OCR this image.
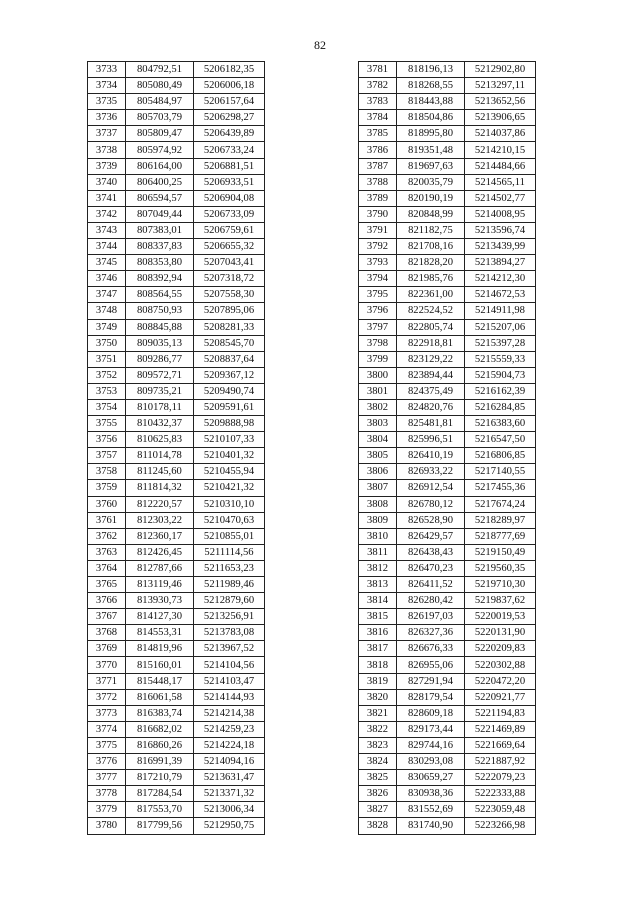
82
3733	804792,51	5206182,35
3734	805080,49	5206006,18
3735	805484,97	5206157,64
3736	805703,79	5206298,27
3737	805809,47	5206439,89
3738	805974,92	5206733,24
3739	806164,00	5206881,51
3740	806400,25	5206933,51
3741	806594,57	5206904,08
3742	807049,44	5206733,09
3743	807383,01	5206759,61
3744	808337,83	5206655,32
3745	808353,80	5207043,41
3746	808392,94	5207318,72
3747	808564,55	5207558,30
3748	808750,93	5207895,06
3749	808845,88	5208281,33
3750	809035,13	5208545,70
3751	809286,77	5208837,64
3752	809572,71	5209367,12
3753	809735,21	5209490,74
3754	810178,11	5209591,61
3755	810432,37	5209888,98
3756	810625,83	5210107,33
3757	811014,78	5210401,32
3758	811245,60	5210455,94
3759	811814,32	5210421,32
3760	812220,57	5210310,10
3761	812303,22	5210470,63
3762	812360,17	5210855,01
3763	812426,45	5211114,56
3764	812787,66	5211653,23
3765	813119,46	5211989,46
3766	813930,73	5212879,60
3767	814127,30	5213256,91
3768	814553,31	5213783,08
3769	814819,96	5213967,52
3770	815160,01	5214104,56
3771	815448,17	5214103,47
3772	816061,58	5214144,93
3773	816383,74	5214214,38
3774	816682,02	5214259,23
3775	816860,26	5214224,18
3776	816991,39	5214094,16
3777	817210,79	5213631,47
3778	817284,54	5213371,32
3779	817553,70	5213006,34
3780	817799,56	5212950,75
3781	818196,13	5212902,80
3782	818268,55	5213297,11
3783	818443,88	5213652,56
3784	818504,86	5213906,65
3785	818995,80	5214037,86
3786	819351,48	5214210,15
3787	819697,63	5214484,66
3788	820035,79	5214565,11
3789	820190,19	5214502,77
3790	820848,99	5214008,95
3791	821182,75	5213596,74
3792	821708,16	5213439,99
3793	821828,20	5213894,27
3794	821985,76	5214212,30
3795	822361,00	5214672,53
3796	822524,52	5214911,98
3797	822805,74	5215207,06
3798	822918,81	5215397,28
3799	823129,22	5215559,33
3800	823894,44	5215904,73
3801	824375,49	5216162,39
3802	824820,76	5216284,85
3803	825481,81	5216383,60
3804	825996,51	5216547,50
3805	826410,19	5216806,85
3806	826933,22	5217140,55
3807	826912,54	5217455,36
3808	826780,12	5217674,24
3809	826528,90	5218289,97
3810	826429,57	5218777,69
3811	826438,43	5219150,49
3812	826470,23	5219560,35
3813	826411,52	5219710,30
3814	826280,42	5219837,62
3815	826197,03	5220019,53
3816	826327,36	5220131,90
3817	826676,33	5220209,83
3818	826955,06	5220302,88
3819	827291,94	5220472,20
3820	828179,54	5220921,77
3821	828609,18	5221194,83
3822	829173,44	5221469,89
3823	829744,16	5221669,64
3824	830293,08	5221887,92
3825	830659,27	5222079,23
3826	830938,36	5222333,88
3827	831552,69	5223059,48
3828	831740,90	5223266,98
